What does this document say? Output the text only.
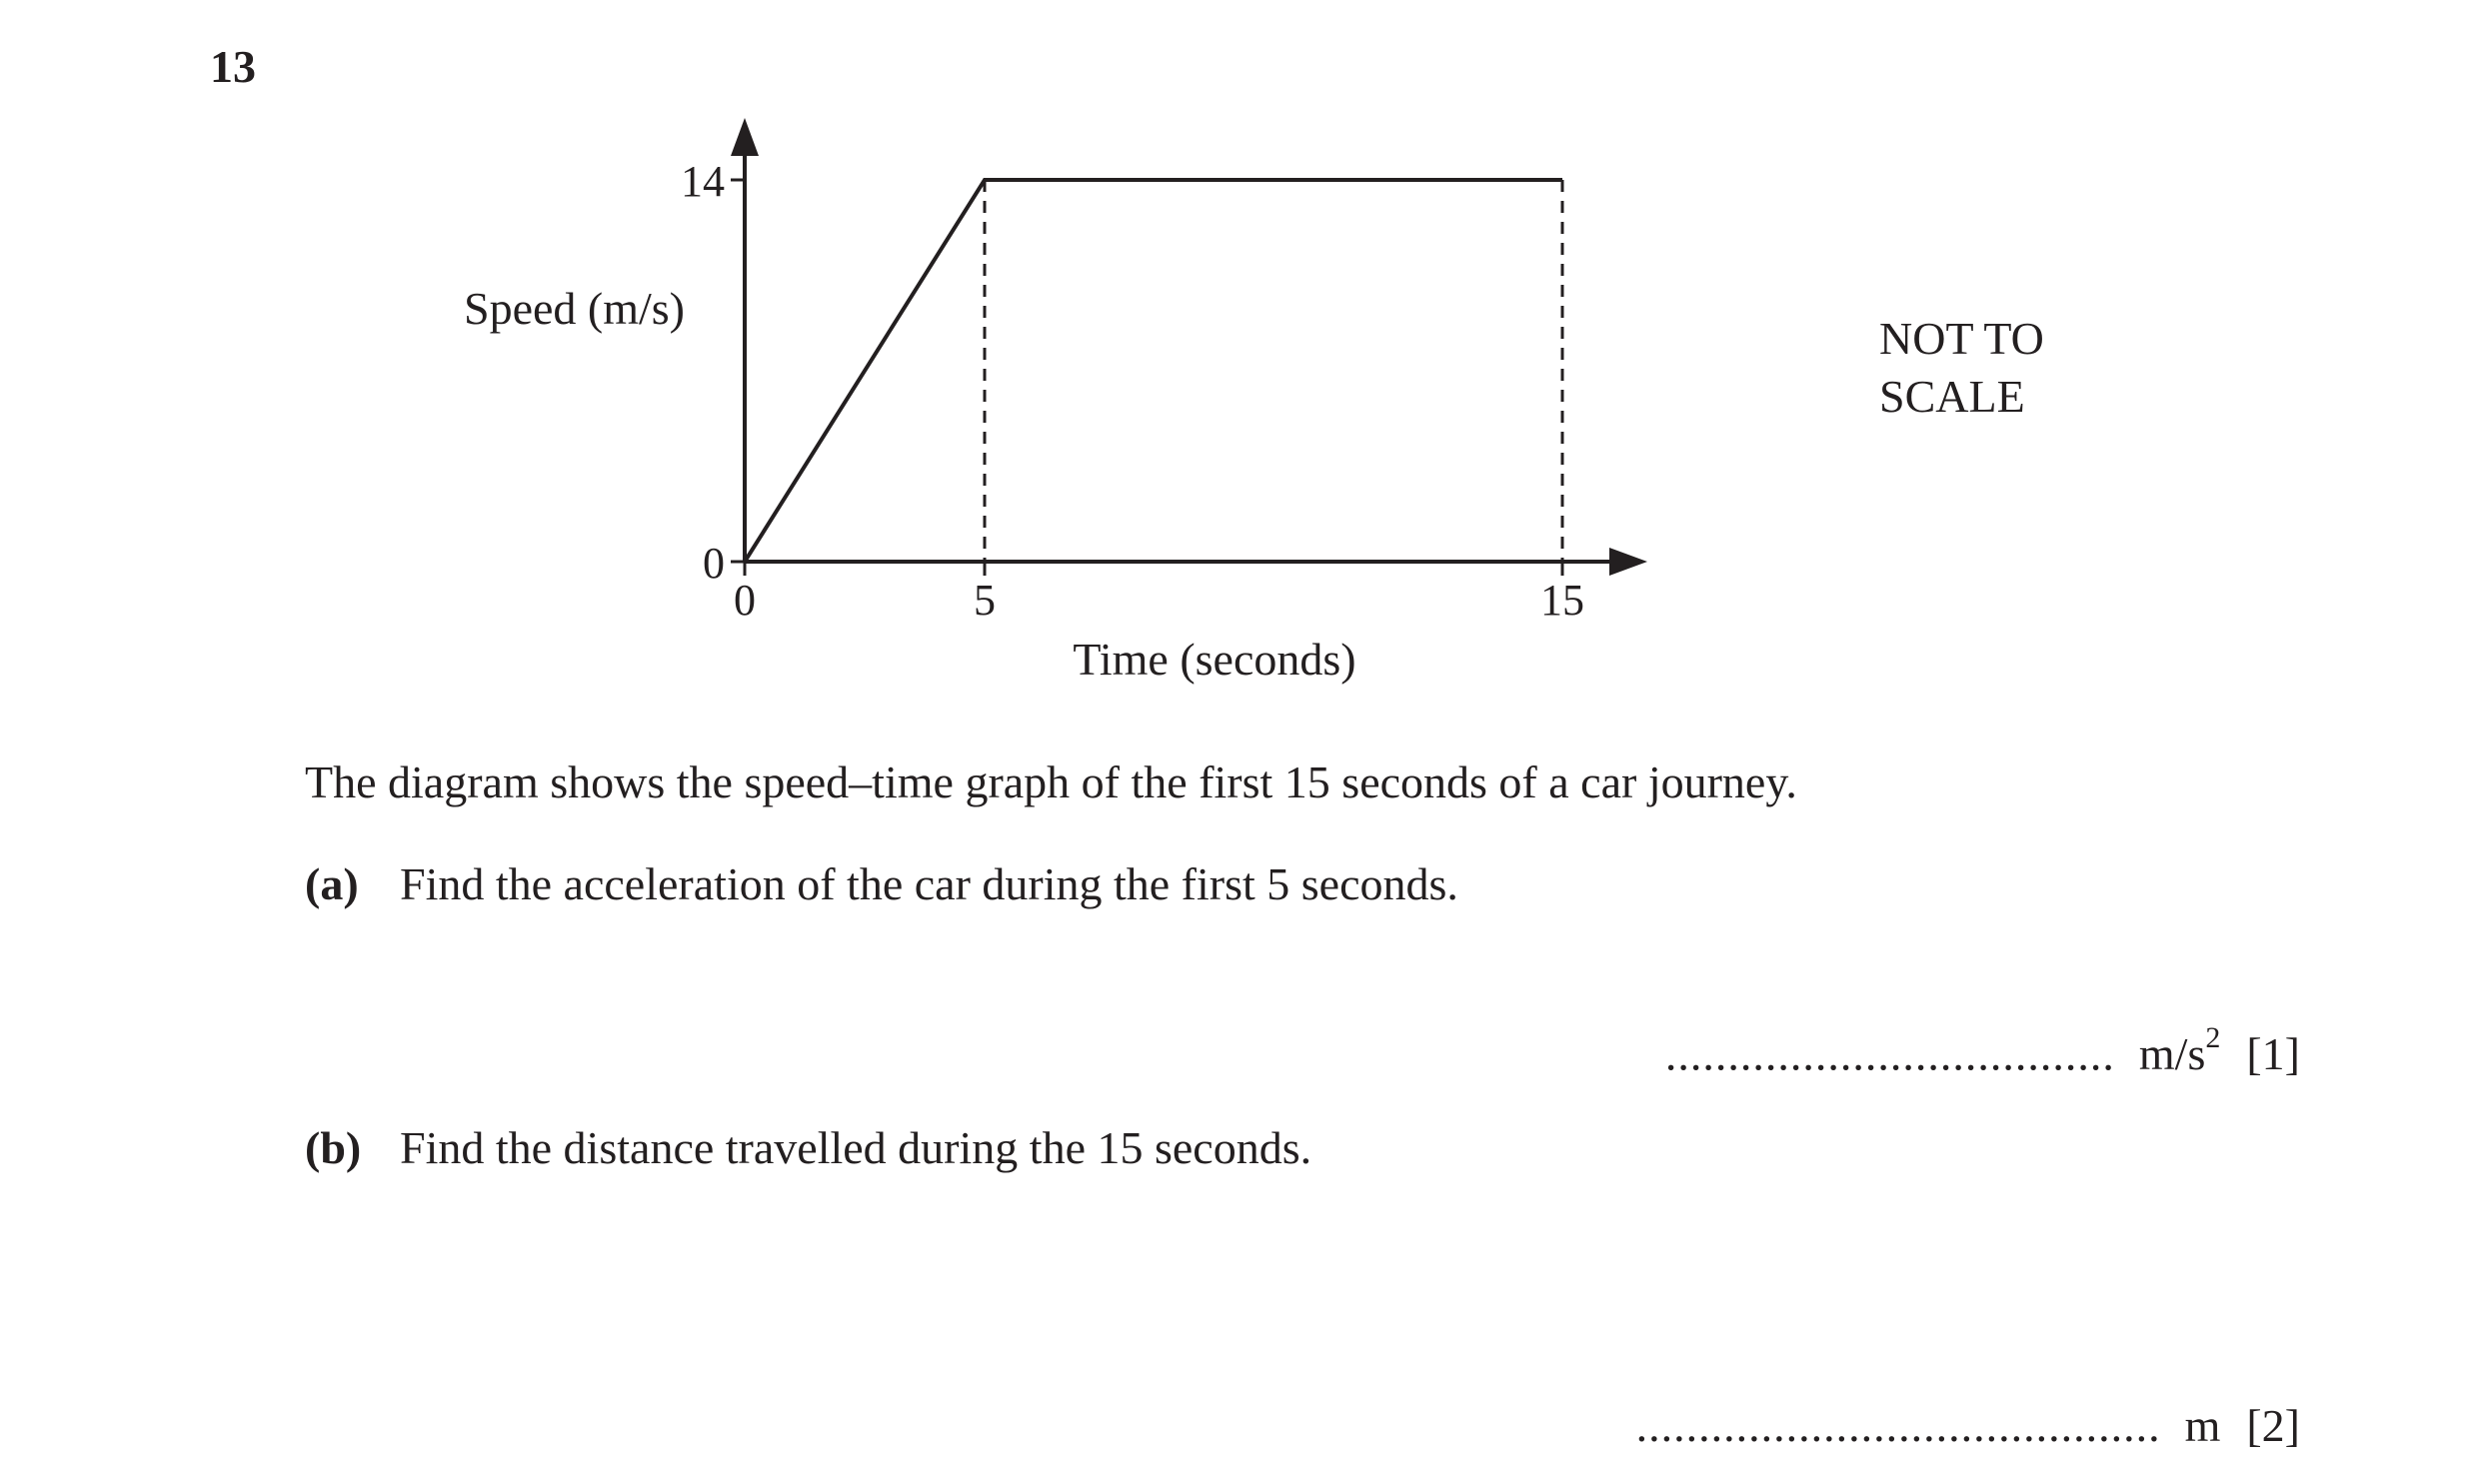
13
0
14
0	5	15
Speed (m/s)
Time (seconds)
NOT TO
SCALE
The diagram shows the speed–time graph of the first 15 seconds of a car journey.
(a) Find the acceleration of the car during the first 5 seconds.
.................................... $m/s^2$ [1]
(b) Find the distance travelled during the 15 seconds.
.......................................... m [2]
